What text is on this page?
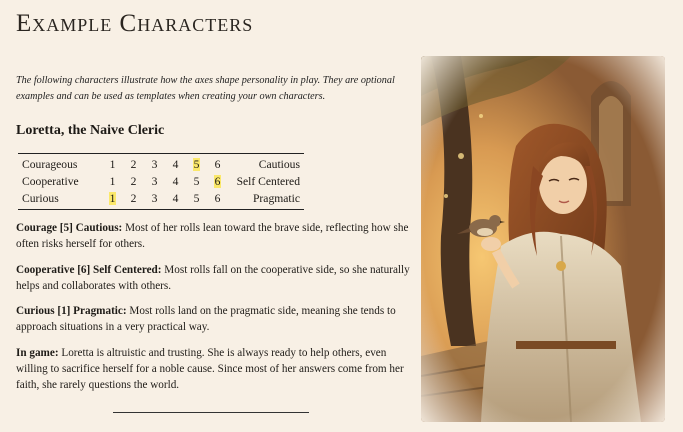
Example Characters

The following characters illustrate how the axes shape personality in play. They are optional examples and can be used as templates when creating your own characters.

Loretta, the Naive Cleric
Courageous	1	2	3	4	5	6	Cautious
Cooperative	1	2	3	4	5	6	Self Centered
Curious	1	2	3	4	5	6	Pragmatic

Courage [5] Cautious: Most of her rolls lean toward the brave side, reflecting how she often risks herself for others.

Cooperative [6] Self Centered: Most rolls fall on the cooperative side, so she naturally helps and collaborates with others.

Curious [1] Pragmatic: Most rolls land on the pragmatic side, meaning she tends to approach situations in a very practical way.

In game: Loretta is altruistic and trusting. She is always ready to help others, even willing to sacrifice herself for a noble cause. Since most of her answers come from her faith, she rarely questions the world.
